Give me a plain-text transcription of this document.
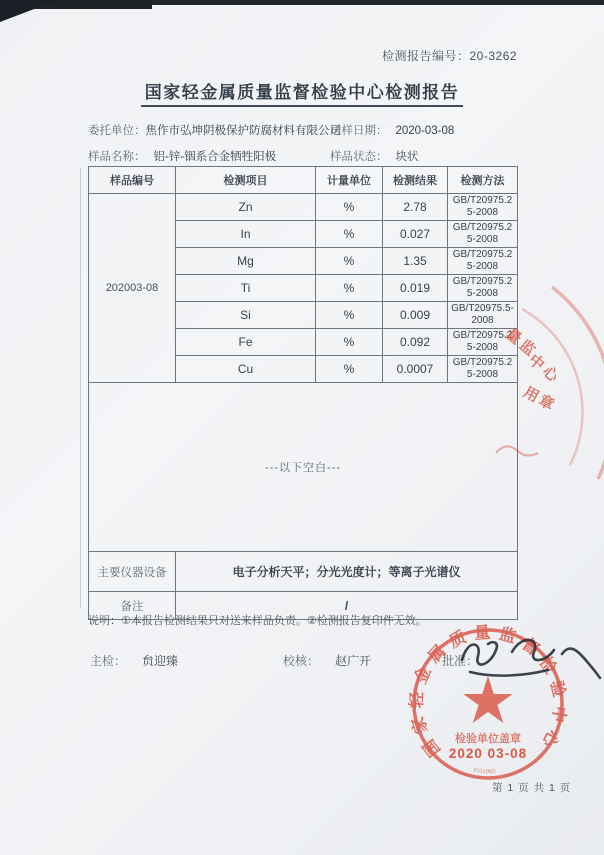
检测报告编号：20-3262
国家轻金属质量监督检验中心检测报告
委托单位：焦作市弘坤阴极保护防腐材料有限公司
送样日期： 2020-03-08
样品名称： 铝-锌-铟系合金牺牲阳极	样品状态： 块状
样品编号	检测项目	计量单位	检测结果	检测方法
202003-08	Zn	%	2.78	GB/T20975.25-2008
	In	%	0.027	GB/T20975.25-2008
	Mg	%	1.35	GB/T20975.25-2008
	Ti	%	0.019	GB/T20975.25-2008
	Si	%	0.009	GB/T20975.5-2008
	Fe	%	0.092	GB/T20975.25-2008
	Cu	%	0.0007	GB/T20975.25-2008
---以下空白---				
主要仪器设备	电子分析天平；分光光度计；等离子光谱仪			
备注	/			
说明：①本报告检测结果只对送来样品负责。②检测报告复印件无效。
主检： 贠迎臻	校核： 赵广开	批准：
量监
中心
用章
国家轻金属质量监督检验中心
检验单位盖章
2020 03-08
4101960
第 1 页 共 1 页
